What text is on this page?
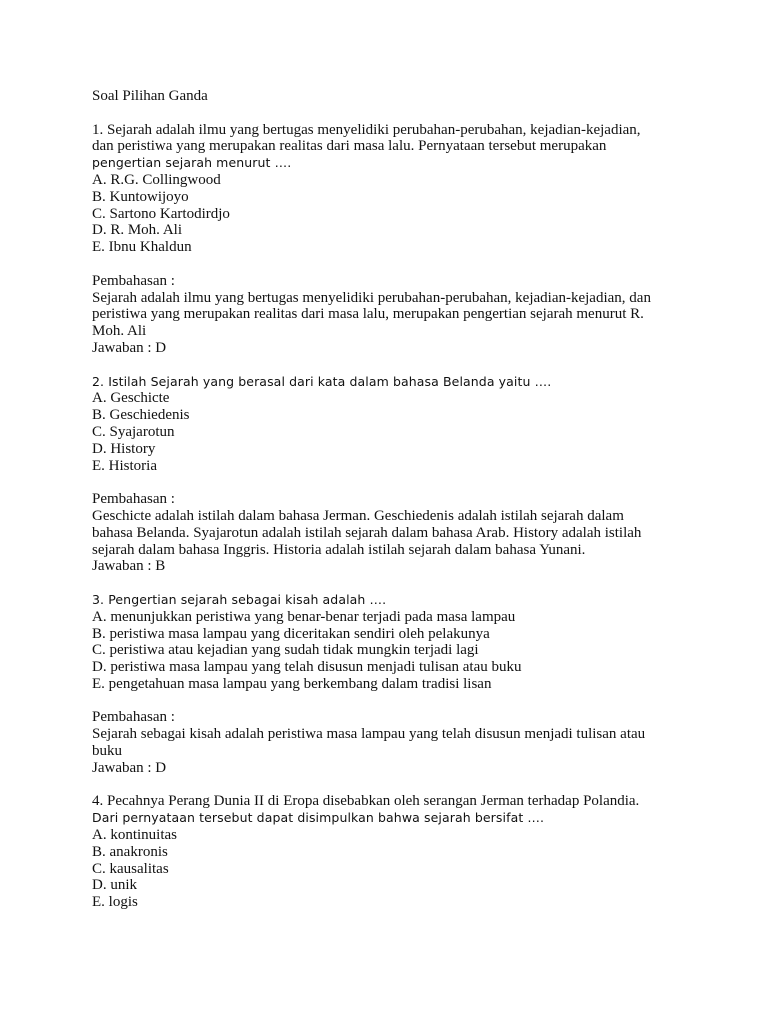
Soal Pilihan Ganda
1. Sejarah adalah ilmu yang bertugas menyelidiki perubahan-perubahan, kejadian-kejadian,
dan peristiwa yang merupakan realitas dari masa lalu. Pernyataan tersebut merupakan
pengertian sejarah menurut ….
A. R.G. Collingwood
B. Kuntowijoyo
C. Sartono Kartodirdjo
D. R. Moh. Ali
E. Ibnu Khaldun
Pembahasan :
Sejarah adalah ilmu yang bertugas menyelidiki perubahan-perubahan, kejadian-kejadian, dan
peristiwa yang merupakan realitas dari masa lalu, merupakan pengertian sejarah menurut R.
Moh. Ali
Jawaban : D
2. Istilah Sejarah yang berasal dari kata dalam bahasa Belanda yaitu ….
A. Geschicte
B. Geschiedenis
C. Syajarotun
D. History
E. Historia
Pembahasan :
Geschicte adalah istilah dalam bahasa Jerman. Geschiedenis adalah istilah sejarah dalam
bahasa Belanda. Syajarotun adalah istilah sejarah dalam bahasa Arab. History adalah istilah
sejarah dalam bahasa Inggris. Historia adalah istilah sejarah dalam bahasa Yunani.
Jawaban : B
3. Pengertian sejarah sebagai kisah adalah ….
A. menunjukkan peristiwa yang benar-benar terjadi pada masa lampau
B. peristiwa masa lampau yang diceritakan sendiri oleh pelakunya
C. peristiwa atau kejadian yang sudah tidak mungkin terjadi lagi
D. peristiwa masa lampau yang telah disusun menjadi tulisan atau buku
E. pengetahuan masa lampau yang berkembang dalam tradisi lisan
Pembahasan :
Sejarah sebagai kisah adalah peristiwa masa lampau yang telah disusun menjadi tulisan atau
buku
Jawaban : D
4. Pecahnya Perang Dunia II di Eropa disebabkan oleh serangan Jerman terhadap Polandia.
Dari pernyataan tersebut dapat disimpulkan bahwa sejarah bersifat ….
A. kontinuitas
B. anakronis
C. kausalitas
D. unik
E. logis
